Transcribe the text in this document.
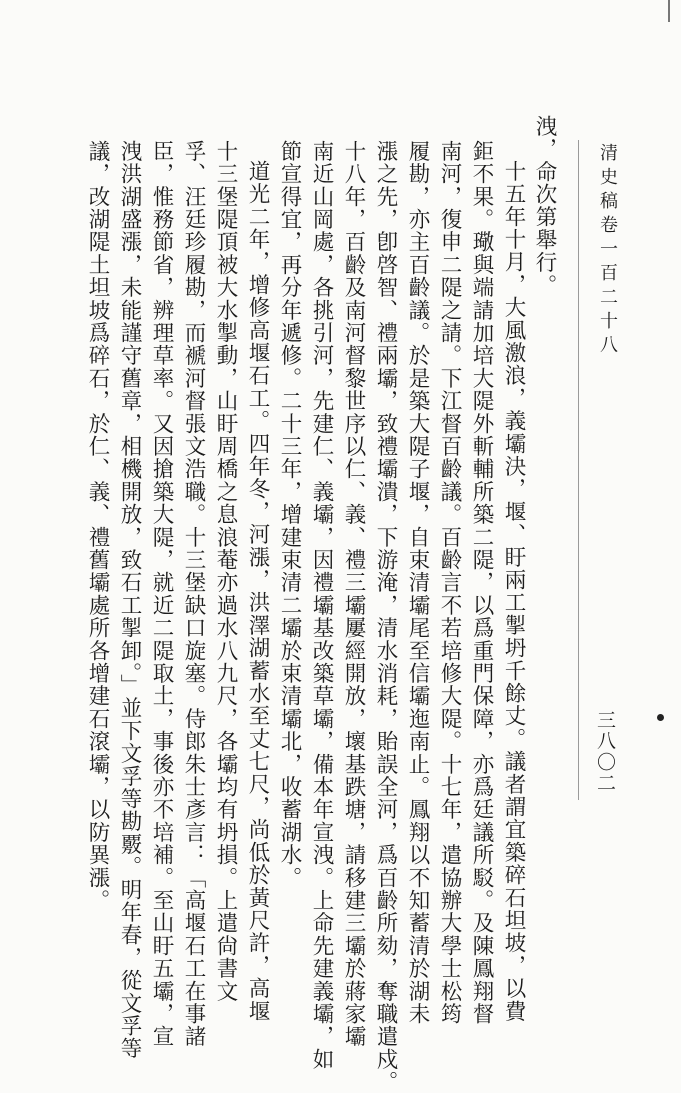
清史稿卷一百二十八
三八〇二
洩，命次第舉行。
十五年十月，大風激浪，義壩決，堰、盱兩工掣坍千餘丈。議者謂宜築碎石坦坡，以費
鉅不果。璥與端請加培大隄外斬輔所築二隄，以爲重門保障，亦爲廷議所駁。及陳鳳翔督
南河，復申二隄之請。下江督百齡議。百齡言不若培修大隄。十七年，遣協辦大學士松筠
履勘，亦主百齡議。於是築大隄子堰，自束清壩尾至信壩迤南止。鳳翔以不知蓄清於湖未
漲之先，卽啓智、禮兩壩，致禮壩潰，下游淹，清水消耗，貽誤全河，爲百齡所劾，奪職遣戍。
十八年，百齡及南河督黎世序以仁、義、禮三壩屢經開放，壞基跌塘，請移建三壩於蔣家壩
南近山岡處，各挑引河，先建仁、義壩，因禮壩基改築草壩，備本年宣洩。上命先建義壩，如
節宣得宜，再分年遞修。二十三年，增建束清二壩於束清壩北，收蓄湖水。
道光二年，增修高堰石工。四年冬，河漲，洪澤湖蓄水至丈七尺，尚低於黃尺許，高堰
十三堡隄頂被大水掣動，山盱周橋之息浪菴亦過水八九尺，各壩均有坍損。上遣尙書文
孚、汪廷珍履勘，而褫河督張文浩職。十三堡缺口旋塞。侍郎朱士彥言：「高堰石工在事諸
臣，惟務節省，辨理草率。又因搶築大隄，就近二隄取土，事後亦不培補。至山盱五壩，宣
洩洪湖盛漲，未能謹守舊章，相機開放，致石工掣卸。」並下文孚等勘覈。明年春，從文孚等
議，改湖隄土坦坡爲碎石，於仁、義、禮舊壩處所各增建石滾壩，以防異漲。
